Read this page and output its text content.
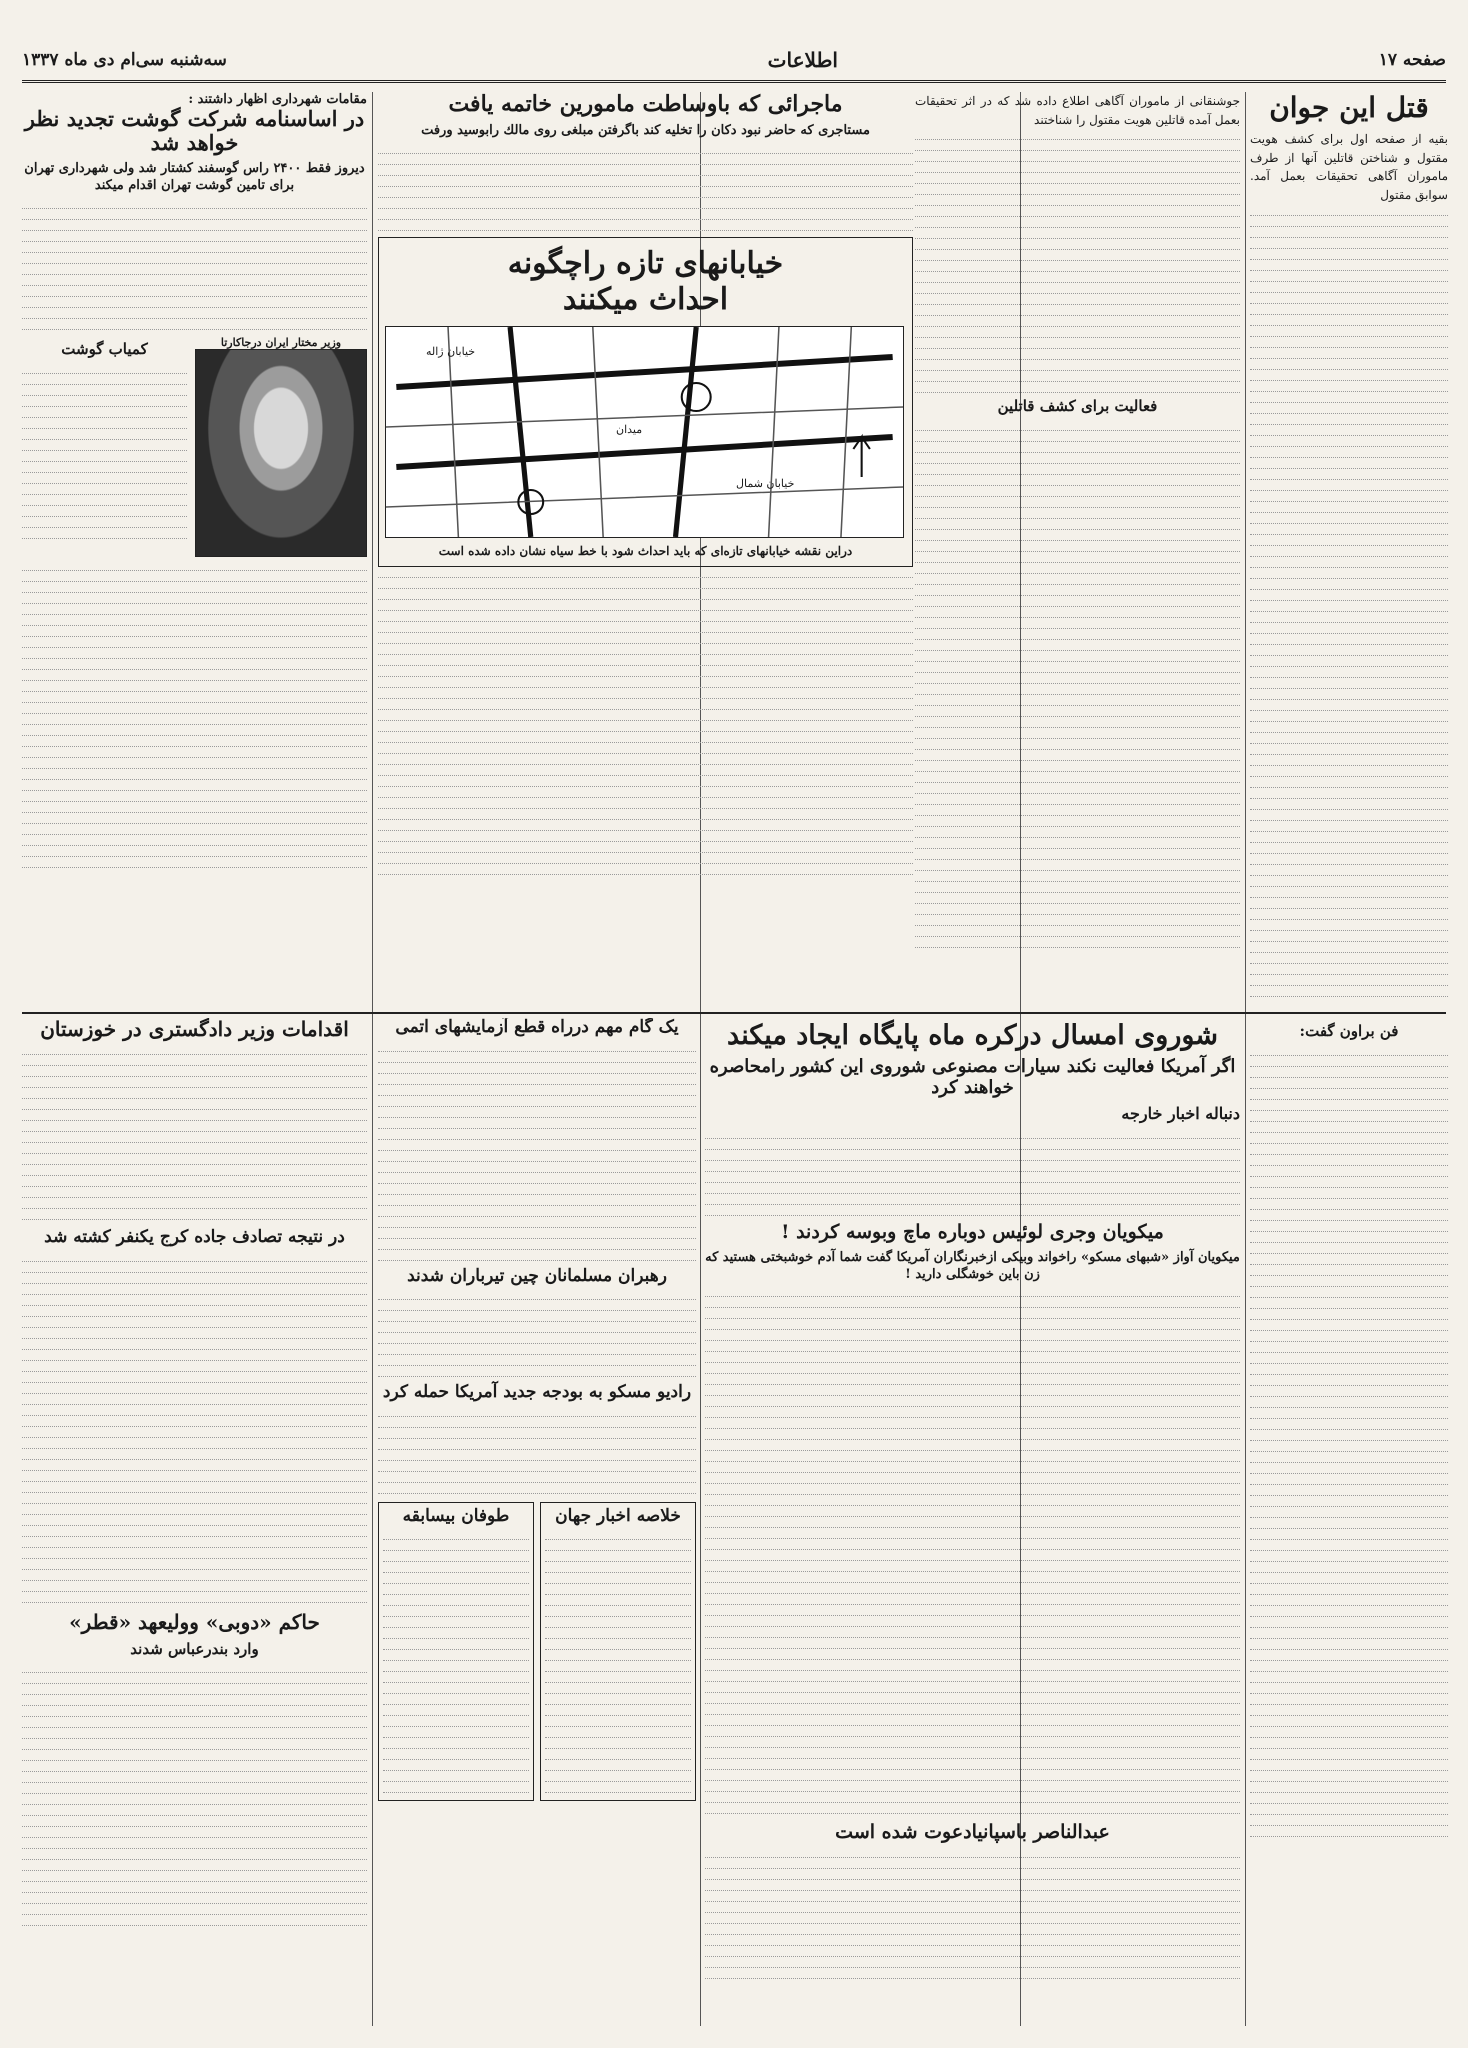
صفحه ۱۷
اطلاعات
سه‌شنبه سی‌ام دی ماه ۱۳۳۷
قتل این جوان

بقیه از صفحه اول برای کشف هویت مقتول و شناختن قاتلین آنها از طرف ماموران آگاهی تحقیقات بعمل آمد. سوابق مقتول

جوشنقانی از ماموران آگاهی اطلاع داده شد که در اثر تحقیقات بعمل آمده قاتلین هویت مقتول را شناختند

فعالیت برای کشف قاتلین
ماجرائی که باوساطت مامورین خاتمه یافت
مستاجری که حاضر نبود دکان را تخلیه کند باگرفتن مبلغی روی مالك رابوسید ورفت
خیابانهای تازه راچگونه
احداث میکنند
خیابان ژاله
میدان
خیابان شمال
دراین نقشه خیابانهای تازه‌ای که باید احداث شود با خط سیاه نشان داده شده است
مقامات شهرداری اظهار داشتند :
در اساسنامه شرکت گوشت تجدید نظر خواهد شد
دیروز فقط ۲۴۰۰ راس گوسفند کشتار شد ولی شهرداری تهران برای تامین گوشت تهران اقدام میکند
وزیر مختار ایران درجاکارتا
کمیاب گوشت
فن براون گفت:
شوروی امسال درکره ماه پایگاه ایجاد میکند
اگر آمریکا فعالیت نکند سیارات مصنوعی شوروی این کشور رامحاصره خواهند کرد
اقدامات وزیر دادگستری در خوزستان
در نتیجه تصادف جاده کرج یکنفر کشته شد
حاکم «دوبی» وولیعهد «قطر»
وارد بندرعباس شدند
یک گام مهم درراه قطع آزمایشهای اتمی
رهبران مسلمانان چین تیرباران شدند
رادیو مسکو به بودجه جدید آمریکا حمله کرد
خلاصه اخبار جهان
طوفان بیسابقه
دنباله اخبار خارجه
میکویان وجری لوئیس دوباره ماچ وبوسه کردند !
میکویان آواز «شبهای مسکو» راخواند وبیکی ازخبرنگاران آمریکا گفت شما آدم خوشبختی هستید که زن باین خوشگلی دارید !
عبدالناصر باسپانیادعوت شده است
